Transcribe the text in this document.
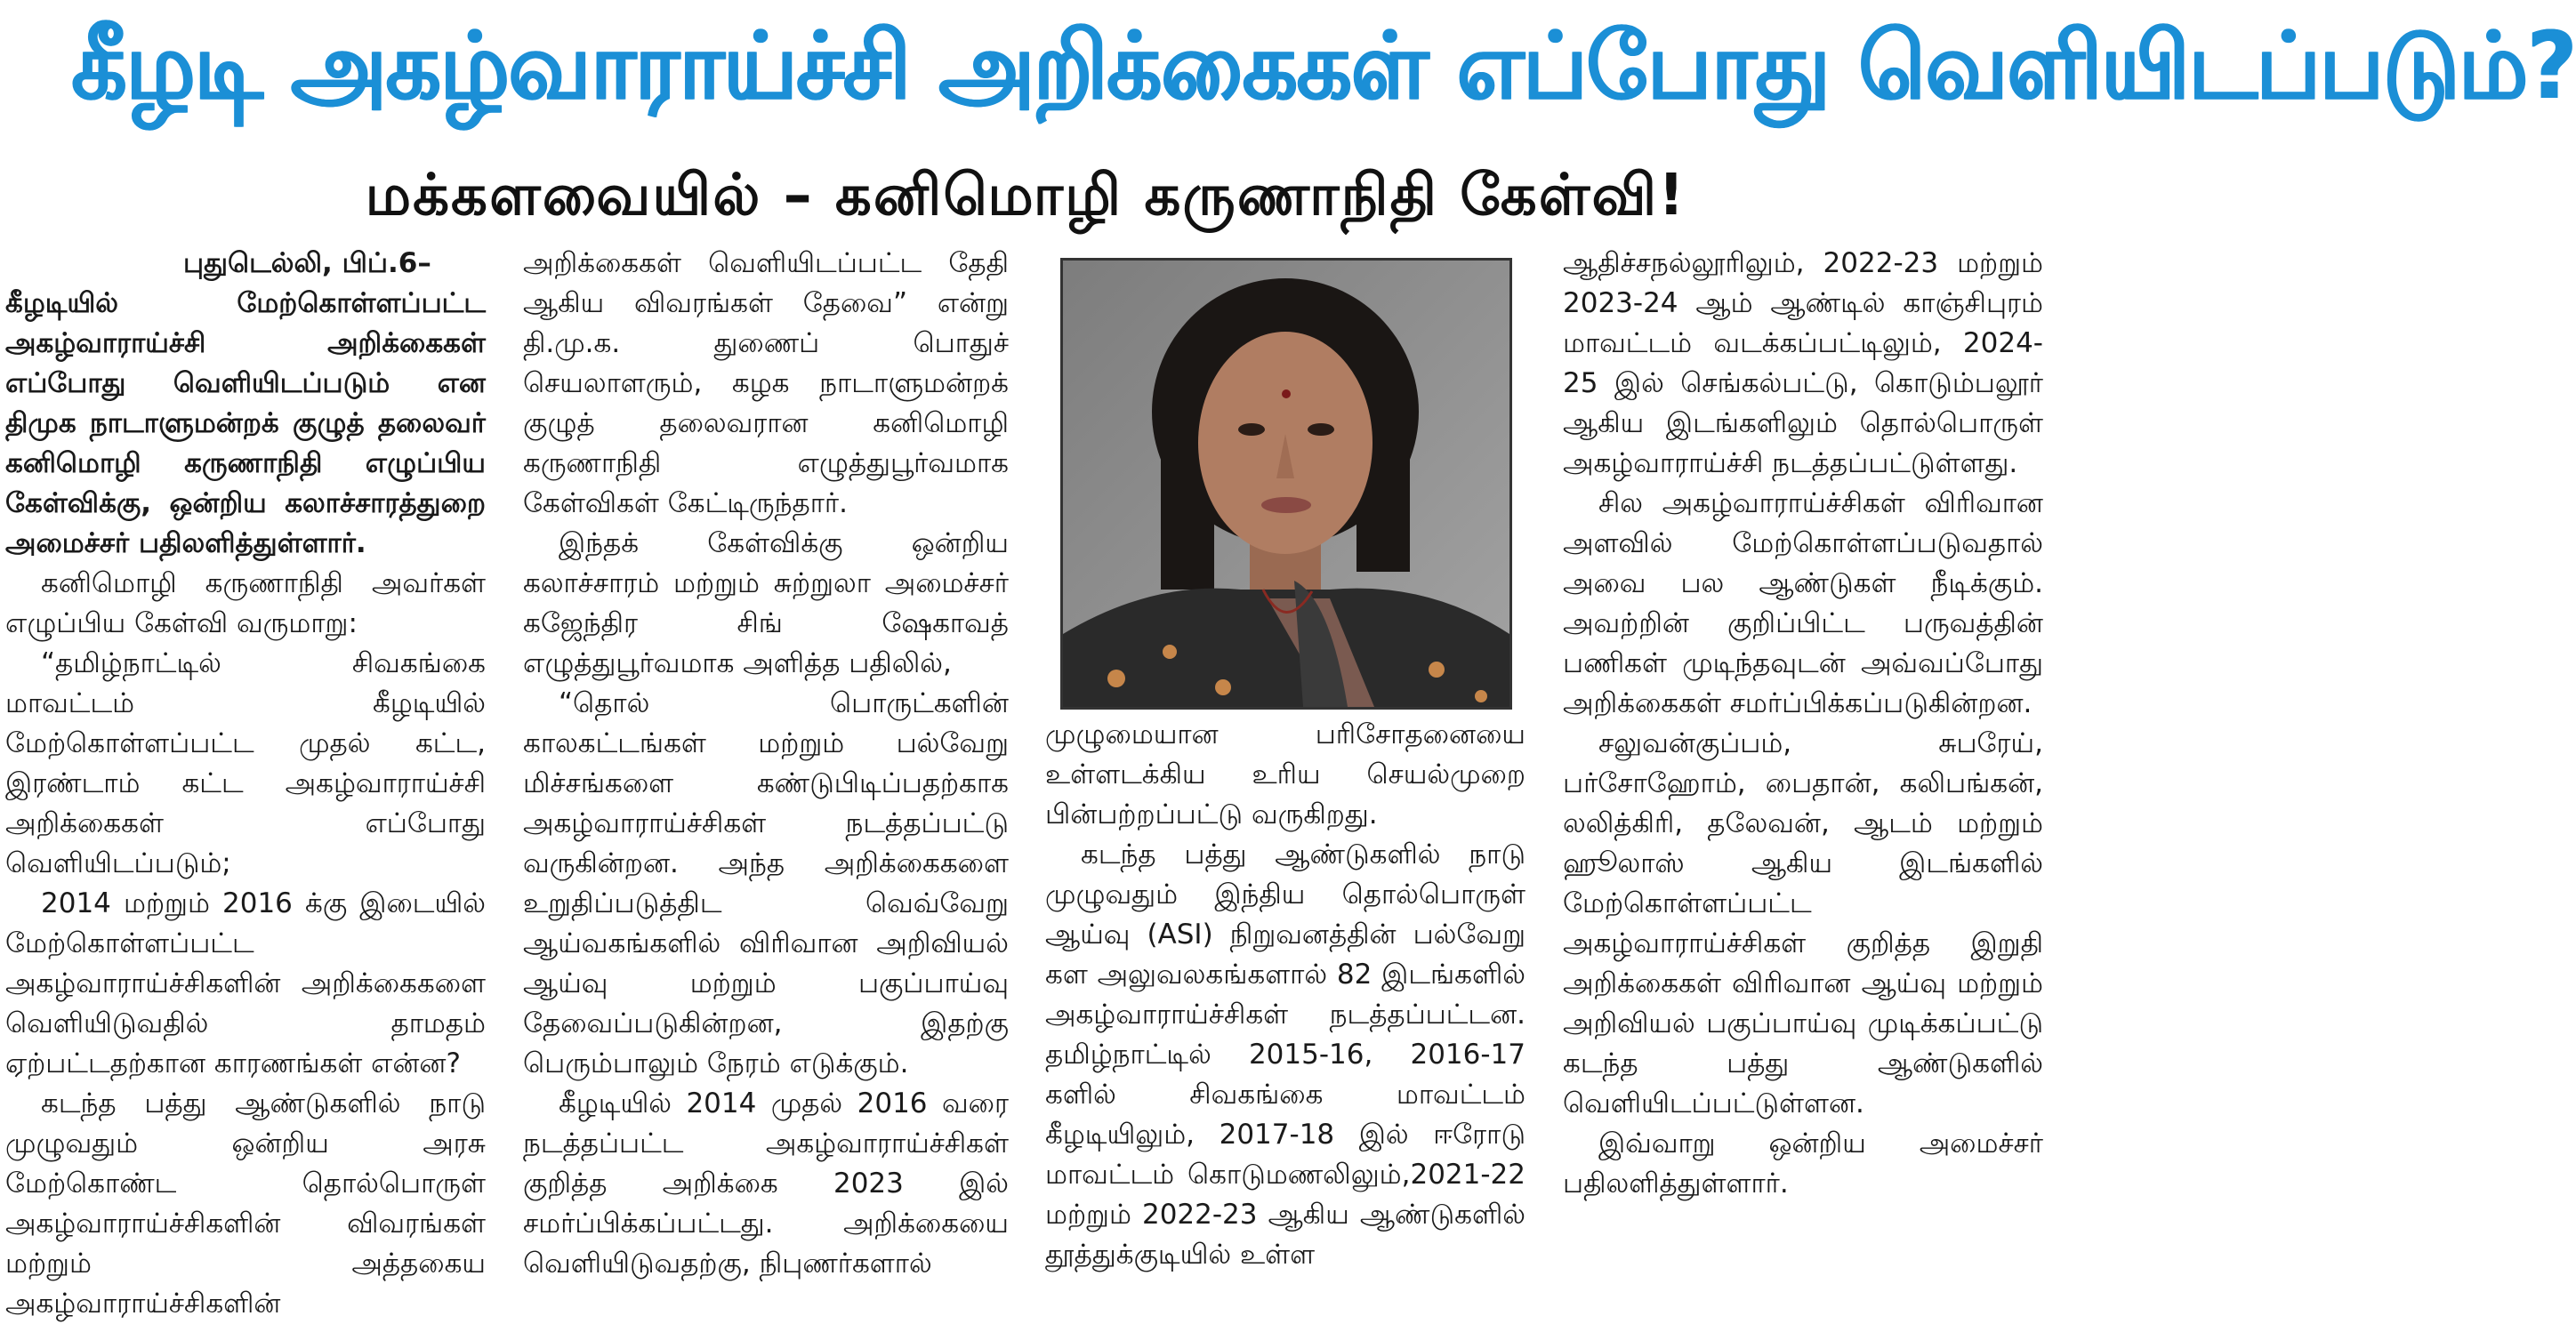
கீழடி அகழ்வாராய்ச்சி அறிக்கைகள் எப்போது வெளியிடப்படும்?
மக்களவையில் – கனிமொழி கருணாநிதி கேள்வி!

புதுடெல்லி, பிப்.6–

கீழடியில் மேற்கொள்ளப்பட்ட அகழ்வாராய்ச்சி அறிக்கைகள் எப்போது வெளியிடப்படும் என திமுக நாடாளுமன்றக் குழுத் தலைவர் கனிமொழி கருணாநிதி எழுப்பிய கேள்விக்கு, ஒன்றிய கலாச்சாரத்துறை அமைச்சர் பதிலளித்துள்ளார்.

கனிமொழி கருணாநிதி அவர்கள் எழுப்பிய கேள்வி வருமாறு:

“தமிழ்நாட்டில் சிவகங்கை மாவட்டம் கீழடியில் மேற்கொள்ளப்பட்ட முதல் கட்ட, இரண்டாம் கட்ட அகழ்வாராய்ச்சி அறிக்கைகள் எப்போது வெளியிடப்படும்;

2014 மற்றும் 2016 க்கு இடையில் மேற்கொள்ளப்பட்ட அகழ்வாராய்ச்சிகளின் அறிக்கைகளை வெளியிடுவதில் தாமதம் ஏற்பட்டதற்கான காரணங்கள் என்ன?

கடந்த பத்து ஆண்டுகளில் நாடு முழுவதும் ஒன்றிய அரசு மேற்கொண்ட தொல்பொருள் அகழ்வாராய்ச்சிகளின் விவரங்கள் மற்றும் அத்தகைய அகழ்வாராய்ச்சிகளின்

அறிக்கைகள் வெளியிடப்பட்ட தேதி ஆகிய விவரங்கள் தேவை” என்று தி.மு.க. துணைப் பொதுச் செயலாளரும், கழக நாடாளுமன்றக் குழுத் தலைவரான கனிமொழி கருணாநிதி எழுத்துபூர்வமாக கேள்விகள் கேட்டிருந்தார்.

இந்தக் கேள்விக்கு ஒன்றிய கலாச்சாரம் மற்றும் சுற்றுலா அமைச்சர் கஜேந்திர சிங் ஷேகாவத் எழுத்துபூர்வமாக அளித்த பதிலில்,

“தொல் பொருட்களின் காலகட்டங்கள் மற்றும் பல்வேறு மிச்சங்களை கண்டுபிடிப்பதற்காக அகழ்வாராய்ச்சிகள் நடத்தப்பட்டு வருகின்றன. அந்த அறிக்கைகளை உறுதிப்படுத்திட வெவ்வேறு ஆய்வகங்களில் விரிவான அறிவியல் ஆய்வு மற்றும் பகுப்பாய்வு தேவைப்படுகின்றன, இதற்கு பெரும்பாலும் நேரம் எடுக்கும்.

கீழடியில் 2014 முதல் 2016 வரை நடத்தப்பட்ட அகழ்வாராய்ச்சிகள் குறித்த அறிக்கை 2023 இல் சமர்ப்பிக்கப்பட்டது. அறிக்கையை வெளியிடுவதற்கு, நிபுணர்களால்

முழுமையான பரிசோதனையை உள்ளடக்கிய உரிய செயல்முறை பின்பற்றப்பட்டு வருகிறது.

கடந்த பத்து ஆண்டுகளில் நாடு முழுவதும் இந்திய தொல்பொருள் ஆய்வு (ASI) நிறுவனத்தின் பல்வேறு கள அலுவலகங்களால் 82 இடங்களில் அகழ்வாராய்ச்சிகள் நடத்தப்பட்டன. தமிழ்நாட்டில் 2015-16, 2016-17 களில் சிவகங்கை மாவட்டம் கீழடியிலும், 2017-18 இல் ஈரோடு மாவட்டம் கொடுமணலிலும்,2021-22 மற்றும் 2022-23 ஆகிய ஆண்டுகளில் தூத்துக்குடியில் உள்ள

ஆதிச்சநல்லூரிலும், 2022-23 மற்றும் 2023-24 ஆம் ஆண்டில் காஞ்சிபுரம் மாவட்டம் வடக்கப்பட்டிலும், 2024-25 இல் செங்கல்பட்டு, கொடும்பலூர் ஆகிய இடங்களிலும் தொல்பொருள் அகழ்வாராய்ச்சி நடத்தப்பட்டுள்ளது.

சில அகழ்வாராய்ச்சிகள் விரிவான அளவில் மேற்கொள்ளப்படுவதால் அவை பல ஆண்டுகள் நீடிக்கும். அவற்றின் குறிப்பிட்ட பருவத்தின் பணிகள் முடிந்தவுடன் அவ்வப்போது அறிக்கைகள் சமர்ப்பிக்கப்படுகின்றன.

சலுவன்குப்பம், சுபரேய், பர்சோஹோம், பைதான், கலிபங்கன், லலித்கிரி, தலேவன், ஆடம் மற்றும் ஹூலாஸ் ஆகிய இடங்களில் மேற்கொள்ளப்பட்ட அகழ்வாராய்ச்சிகள் குறித்த இறுதி அறிக்கைகள் விரிவான ஆய்வு மற்றும் அறிவியல் பகுப்பாய்வு முடிக்கப்பட்டு கடந்த பத்து ஆண்டுகளில் வெளியிடப்பட்டுள்ளன.

இவ்வாறு ஒன்றிய அமைச்சர் பதிலளித்துள்ளார்.
